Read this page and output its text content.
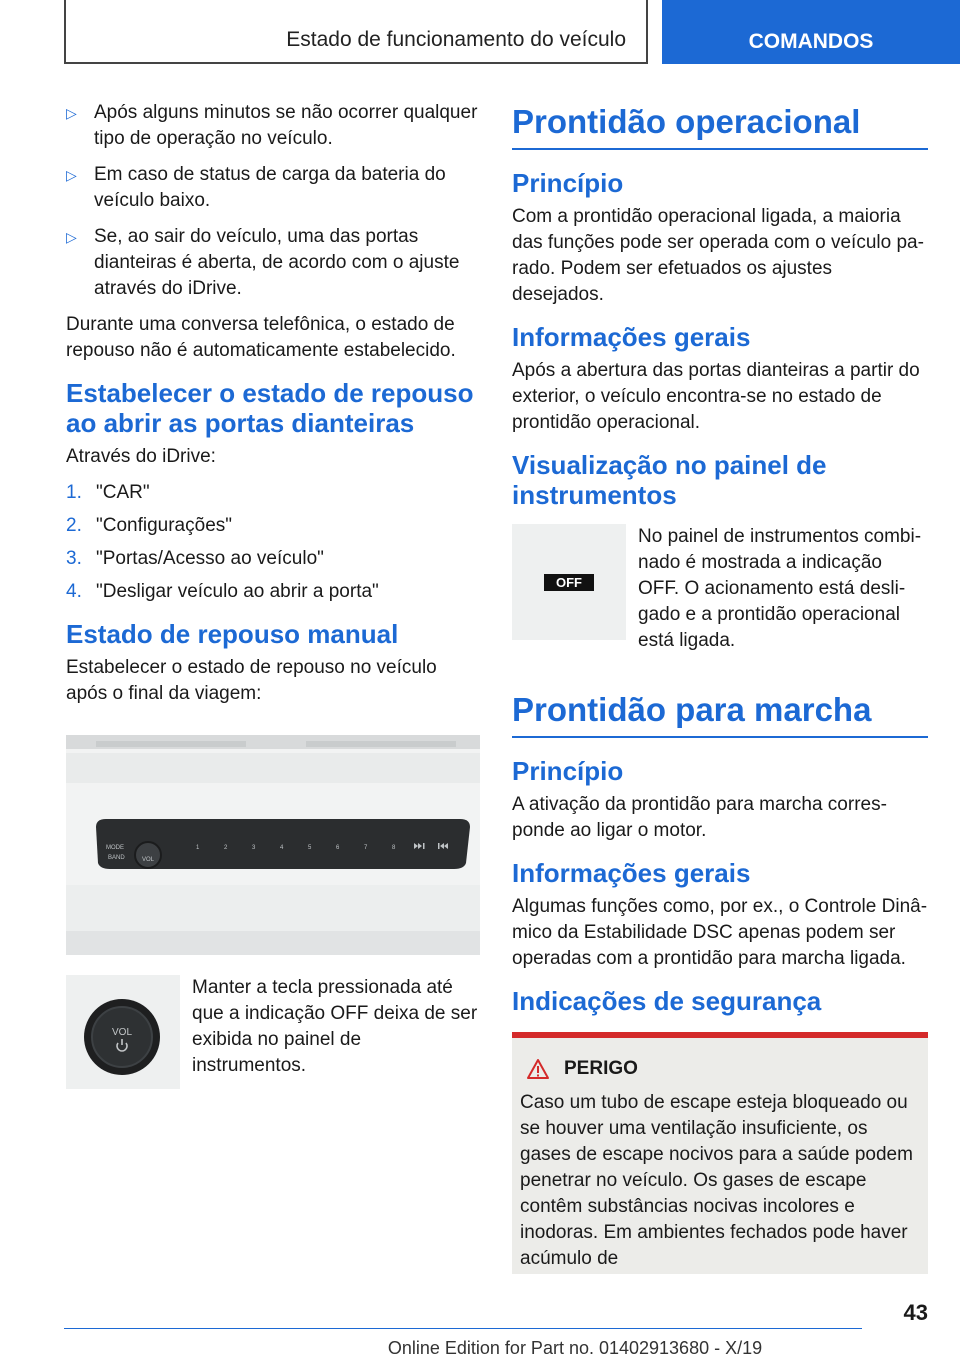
Estado de funcionamento do veículo	COMANDOS
▷ Após alguns minutos se não ocorrer qualquer tipo de operação no veículo.
▷ Em caso de status de carga da bateria do veículo baixo.
▷ Se, ao sair do veículo, uma das portas dianteiras é aberta, de acordo com o ajuste através do iDrive.

Durante uma conversa telefônica, o estado de repouso não é automaticamente estabelecido.

Estabelecer o estado de repouso ao abrir as portas dianteiras

Através do iDrive:

1. "CAR"
2. "Configurações"
3. "Portas/Acesso ao veículo"
4. "Desligar veículo ao abrir a porta"
Estado de repouso manual

Estabelecer o estado de repouso no veículo após o final da viagem:

MODE
BAND	VOL
1	2	3	4	5	6	7	8
VOL

Manter a tecla pressionada até que a indicação OFF deixa de ser exibida no painel de instrumentos.

Prontidão operacional
Princípio

Com a prontidão operacional ligada, a maioria das funções pode ser operada com o veículo parado. Podem ser efetuados os ajustes desejados.

Informações gerais

Após a abertura das portas dianteiras a partir do exterior, o veículo encontra-se no estado de prontidão operacional.

Visualização no painel de instrumentos
OFF

No painel de instrumentos combinado é mostrada a indicação OFF. O acionamento está desligado e a prontidão operacional está ligada.

Prontidão para marcha
Princípio

A ativação da prontidão para marcha corresponde ao ligar o motor.

Informações gerais

Algumas funções como, por ex., o Controle Dinâmico da Estabilidade DSC apenas podem ser operadas com a prontidão para marcha ligada.

Indicações de segurança
PERIGO

Caso um tubo de escape esteja bloqueado ou se houver uma ventilação insuficiente, os gases de escape nocivos para a saúde podem penetrar no veículo. Os gases de escape contêm substâncias nocivas incolores e inodoras. Em ambientes fechados pode haver acúmulo de

43
Online Edition for Part no. 01402913680 - X/19
